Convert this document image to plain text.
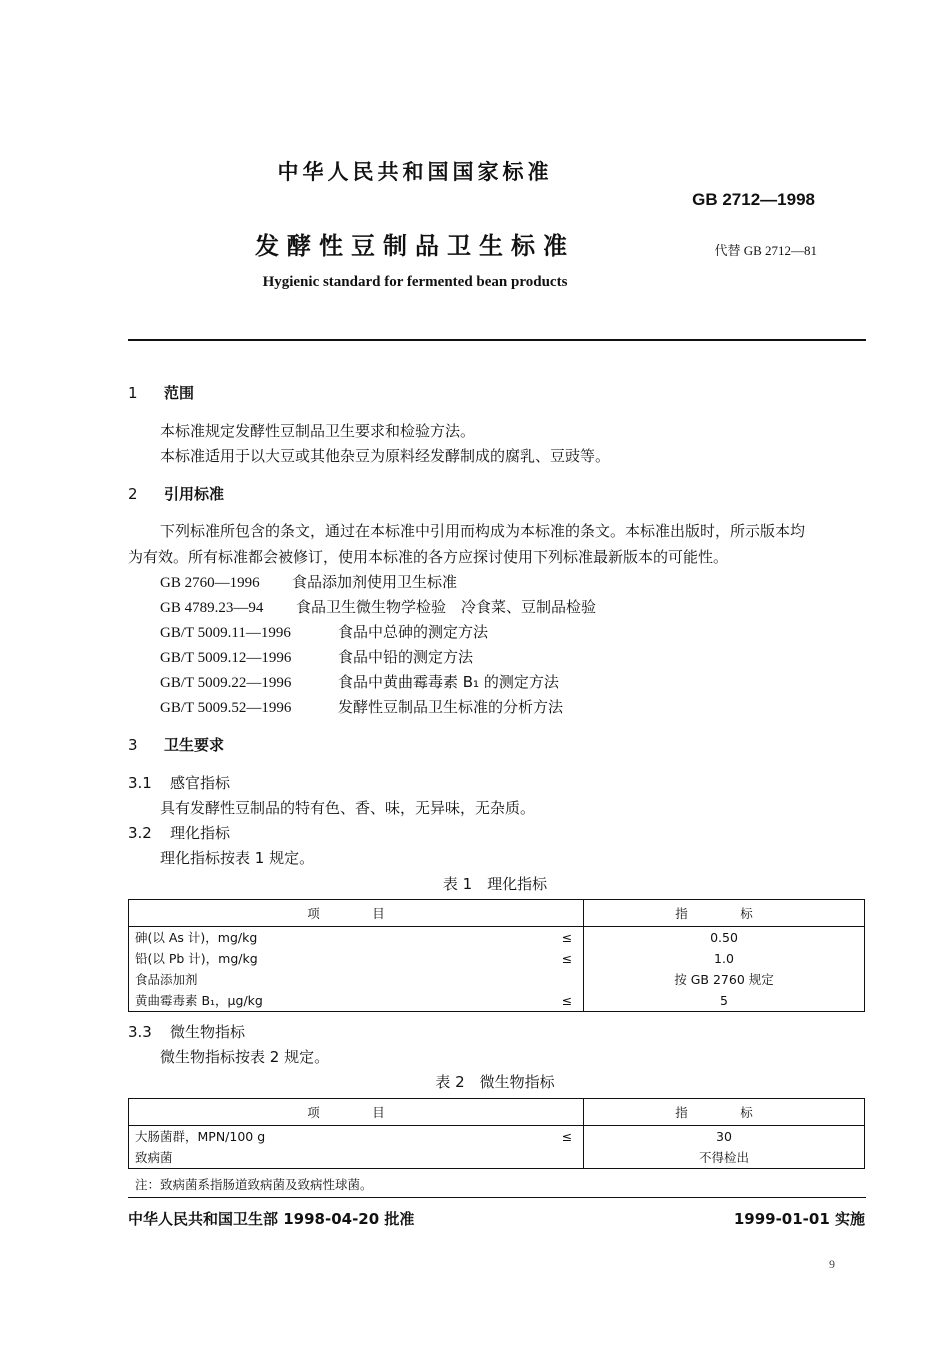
中华人民共和国国家标准
GB 2712—1998
发酵性豆制品卫生标准	代替 GB 2712—81
Hygienic standard for fermented bean products
1 范围
本标准规定发酵性豆制品卫生要求和检验方法。
本标准适用于以大豆或其他杂豆为原料经发酵制成的腐乳、豆豉等。
2 引用标准
下列标准所包含的条文，通过在本标准中引用而构成为本标准的条文。本标准出版时，所示版本均
为有效。所有标准都会被修订，使用本标准的各方应探讨使用下列标准最新版本的可能性。
GB 2760—1996 食品添加剂使用卫生标准
GB 4789.23—94 食品卫生微生物学检验　冷食菜、豆制品检验
GB/T 5009.11—1996	食品中总砷的测定方法
GB/T 5009.12—1996	食品中铅的测定方法
GB/T 5009.22—1996	食品中黄曲霉毒素 B₁ 的测定方法
GB/T 5009.52—1996	发酵性豆制品卫生标准的分析方法
3 卫生要求
3.1 感官指标
具有发酵性豆制品的特有色、香、味，无异味，无杂质。
3.2 理化指标
理化指标按表 1 规定。
表 1　理化指标
项　目		指　标
砷(以 As 计)，mg/kg	≤	0.50
铅(以 Pb 计)，mg/kg	≤	1.0
食品添加剂		按 GB 2760 规定
黄曲霉毒素 B₁，μg/kg	≤	5
3.3 微生物指标
微生物指标按表 2 规定。
表 2　微生物指标
项　目		指　标
大肠菌群，MPN/100 g	≤	30
致病菌		不得检出
注：致病菌系指肠道致病菌及致病性球菌。
中华人民共和国卫生部 1998-04-20 批准	1999-01-01 实施
9
